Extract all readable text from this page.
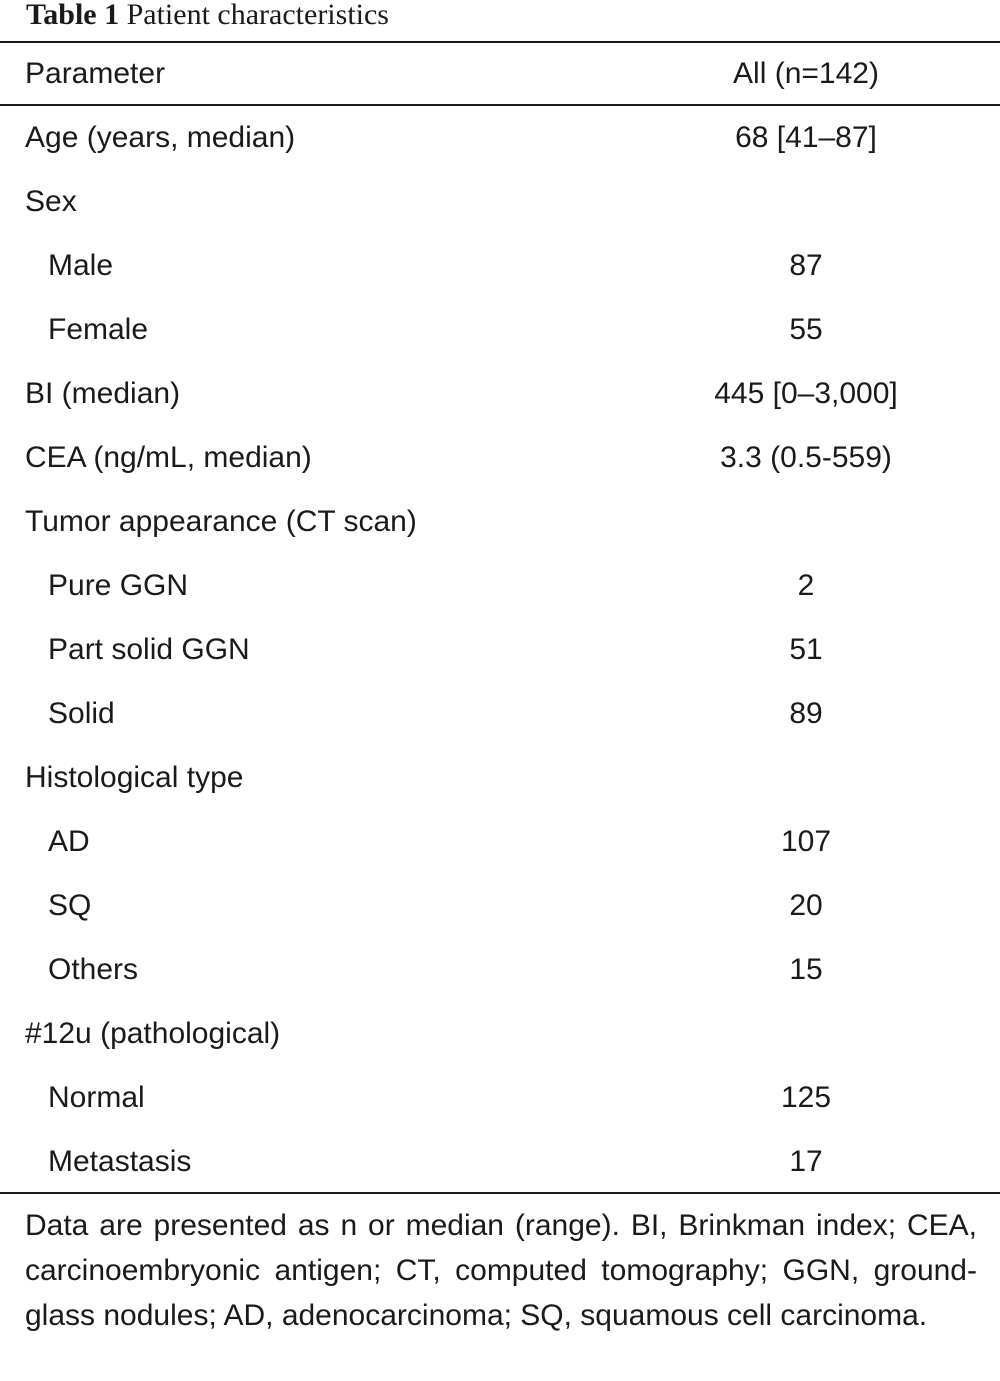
Table 1 Patient characteristics
Parameter	All (n=142)
Age (years, median)	68 [41–87]
Sex
Male	87
Female	55
BI (median)	445 [0–3,000]
CEA (ng/mL, median)	3.3 (0.5-559)
Tumor appearance (CT scan)
Pure GGN	2
Part solid GGN	51
Solid	89
Histological type
AD	107
SQ	20
Others	15
#12u (pathological)
Normal	125
Metastasis	17
Data are presented as n or median (range). BI, Brinkman index; CEA, carcinoembryonic antigen; CT, computed tomography; GGN, ground-glass nodules; AD, adenocarcinoma; SQ, squamous cell carcinoma.
